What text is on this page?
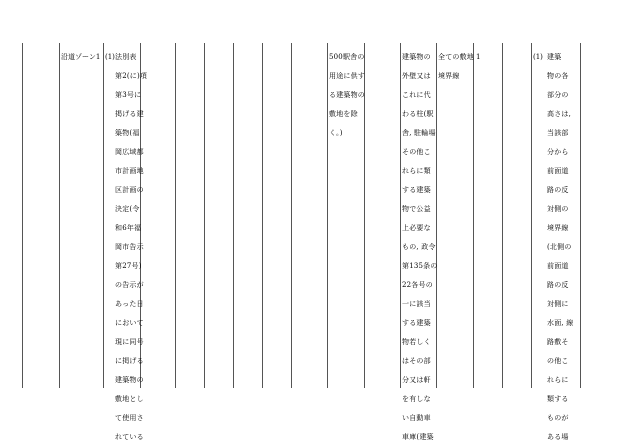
沿道ゾーン1 (1) 法別表
第2(に)項
第3号に
掲げる建
築物(福
岡広域都
市計画地
区計画の
決定(令
和6年福
岡市告示
第27号)
の告示が
あった日
において
現に同号
に掲げる
建築物の
敷地とし
て使用さ
れている
500駅舎の
用途に供す
る建築物の
敷地を除
く。)
建築物の
外壁又は
これに代
わる柱(駅
舎, 駐輪場
その他こ
れらに類
する建築
物で公益
上必要な
もの, 政令
第135条の
22各号の
一に該当
する建築
物若しく
はその部
分又は軒
を有しな
い自動車
車庫(建築
全ての敷地
境界線
1	(1) 建築
物の各
部分の
高さは,
当該部
分から
前面道
路の反
対側の
境界線
(北側の
前面道
路の反
対側に
水面, 線
路敷そ
の他こ
れらに
類する
ものが
ある場
